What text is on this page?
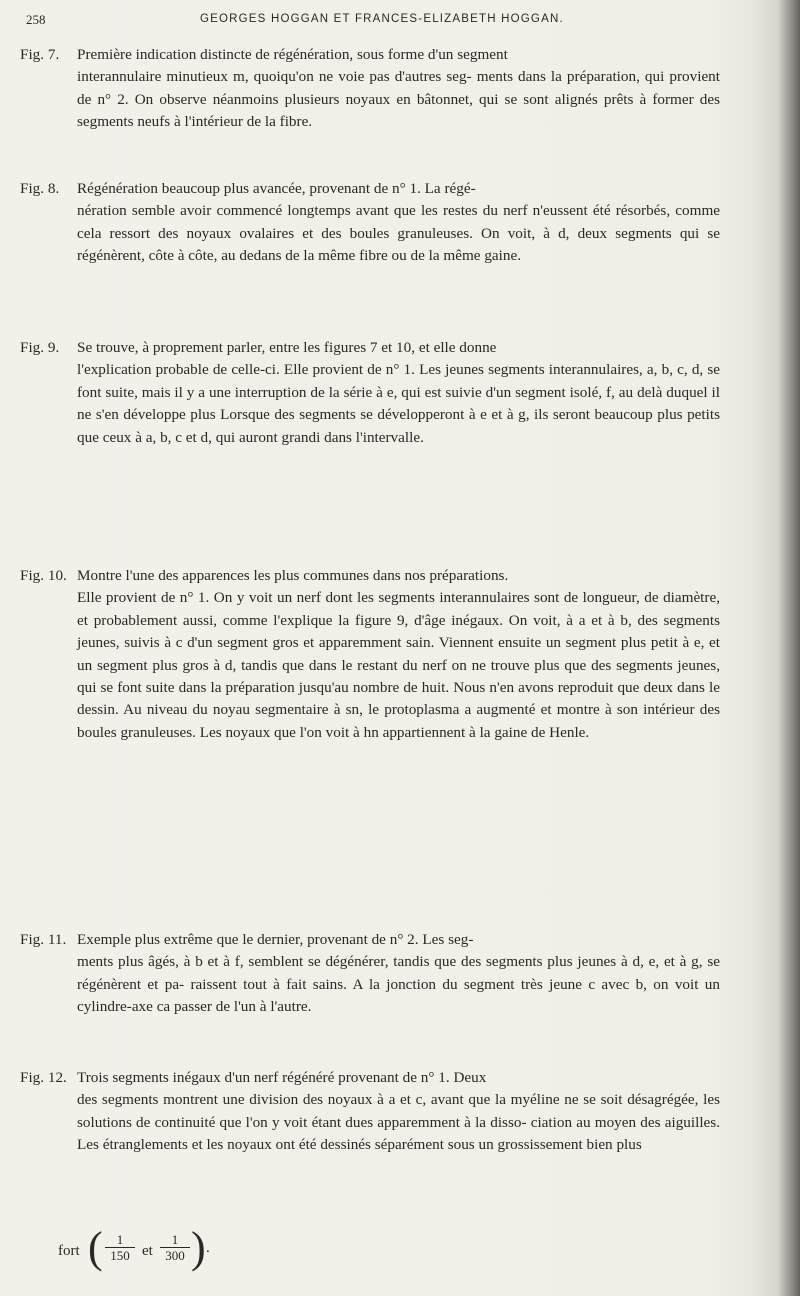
258	GEORGES HOGGAN ET FRANCES-ELIZABETH HOGGAN.
Fig. 7. Première indication distincte de régénération, sous forme d'un segment
interannulaire minutieux m, quoiqu'on ne voie pas d'autres seg- ments dans la préparation, qui provient de n° 2. On observe néanmoins plusieurs noyaux en bâtonnet, qui se sont alignés prêts à former des segments neufs à l'intérieur de la fibre.
Fig. 8. Régénération beaucoup plus avancée, provenant de n° 1. La régé-
nération semble avoir commencé longtemps avant que les restes du nerf n'eussent été résorbés, comme cela ressort des noyaux ovalaires et des boules granuleuses. On voit, à d, deux segments qui se régénèrent, côte à côte, au dedans de la même fibre ou de la même gaine.
Fig. 9. Se trouve, à proprement parler, entre les figures 7 et 10, et elle donne
l'explication probable de celle-ci. Elle provient de n° 1. Les jeunes segments interannulaires, a, b, c, d, se font suite, mais il y a une interruption de la série à e, qui est suivie d'un segment isolé, f, au delà duquel il ne s'en développe plus Lorsque des segments se développeront à e et à g, ils seront beaucoup plus petits que ceux à a, b, c et d, qui auront grandi dans l'intervalle.
Fig. 10. Montre l'une des apparences les plus communes dans nos préparations.
Elle provient de n° 1. On y voit un nerf dont les segments interannulaires sont de longueur, de diamètre, et probablement aussi, comme l'explique la figure 9, d'âge inégaux. On voit, à a et à b, des segments jeunes, suivis à c d'un segment gros et apparemment sain. Viennent ensuite un segment plus petit à e, et un segment plus gros à d, tandis que dans le restant du nerf on ne trouve plus que des segments jeunes, qui se font suite dans la préparation jusqu'au nombre de huit. Nous n'en avons reproduit que deux dans le dessin. Au niveau du noyau segmentaire à sn, le protoplasma a augmenté et montre à son intérieur des boules granuleuses. Les noyaux que l'on voit à hn appartiennent à la gaine de Henle.
Fig. 11. Exemple plus extrême que le dernier, provenant de n° 2. Les seg-
ments plus âgés, à b et à f, semblent se dégénérer, tandis que des segments plus jeunes à d, e, et à g, se régénèrent et pa- raissent tout à fait sains. A la jonction du segment très jeune c avec b, on voit un cylindre-axe ca passer de l'un à l'autre.
Fig. 12. Trois segments inégaux d'un nerf régénéré provenant de n° 1. Deux
des segments montrent une division des noyaux à a et c, avant que la myéline ne se soit désagrégée, les solutions de continuité que l'on y voit étant dues apparemment à la disso- ciation au moyen des aiguilles. Les étranglements et les noyaux ont été dessinés séparément sous un grossissement bien plus
fort ( $\frac{1}{150}$ et $\frac{1}{300}$ ) .
